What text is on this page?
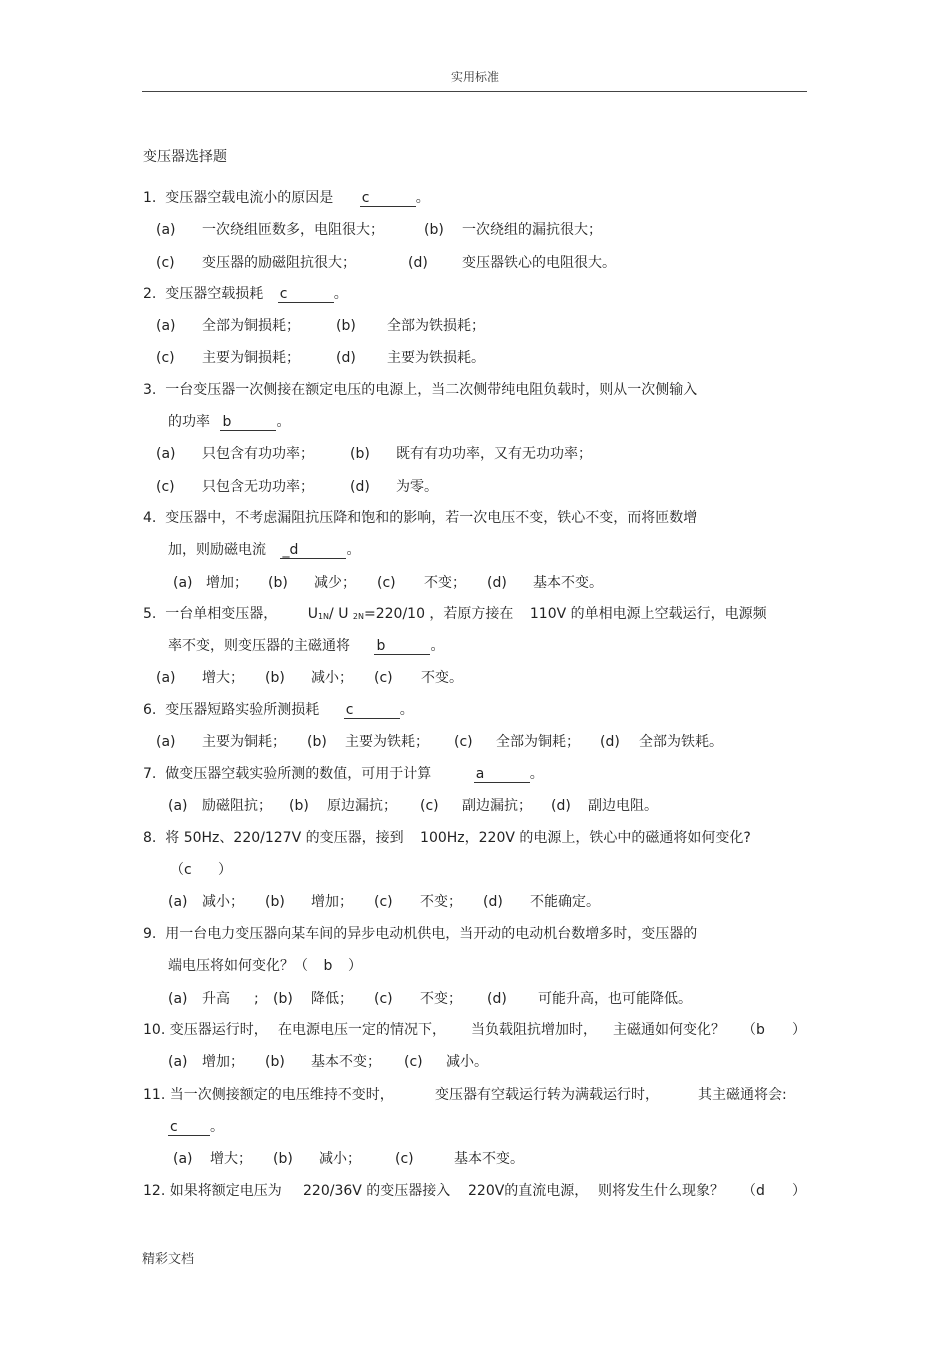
实用标准
变压器选择题
1. 变压器空载电流小的原因是 c	。
(a) 一次绕组匝数多，电阻很大；	(b) 一次绕组的漏抗很大；
(c) 变压器的励磁阻抗很大；	(d) 变压器铁心的电阻很大。
2. 变压器空载损耗 c	。
(a) 全部为铜损耗；	(b) 全部为铁损耗；
(c) 主要为铜损耗；	(d) 主要为铁损耗。
3. 一台变压器一次侧接在额定电压的电源上，当二次侧带纯电阻负载时，则从一次侧输入
的功率 b	。
(a) 只包含有功功率；	(b) 既有有功功率，又有无功功率；
(c) 只包含无功功率；	(d) 为零。
4. 变压器中，不考虑漏阻抗压降和饱和的影响，若一次电压不变，铁心不变，而将匝数增
加，则励磁电流 _d	。
(a) 增加； (b) 减少； (c) 不变； (d) 基本不变。
5. 一台单相变压器， U1N/ U 2N=220/10 ，若原方接在 110V 的单相电源上空载运行，电源频
率不变，则变压器的主磁通将 b	。
(a) 增大； (b) 减小； (c) 不变。
6. 变压器短路实验所测损耗 c	。
(a) 主要为铜耗； (b) 主要为铁耗； (c) 全部为铜耗； (d) 全部为铁耗。
7. 做变压器空载实验所测的数值，可用于计算	a	。
(a) 励磁阻抗； (b) 原边漏抗； (c) 副边漏抗； (d) 副边电阻。
8. 将 50Hz、220/127V 的变压器，接到 100Hz，220V 的电源上，铁心中的磁通将如何变化?
（c ）
(a) 减小； (b) 增加； (c) 不变； (d) 不能确定。
9. 用一台电力变压器向某车间的异步电动机供电，当开动的电动机台数增多时，变压器的
端电压将如何变化？（ b ）
(a) 升高 ; (b) 降低； (c) 不变； (d) 可能升高，也可能降低。
10. 变压器运行时， 在电源电压一定的情况下， 当负载阻抗增加时， 主磁通如何变化？ （b ）
(a) 增加； (b) 基本不变； (c) 减小。
11. 当一次侧接额定的电压维持不变时，	变压器有空载运行转为满载运行时，	其主磁通将会:
c 。
(a) 增大； (b) 减小； (c)	基本不变。
12. 如果将额定电压为 220/36V 的变压器接入 220V的直流电源， 则将发生什么现象？ （d ）
精彩文档
